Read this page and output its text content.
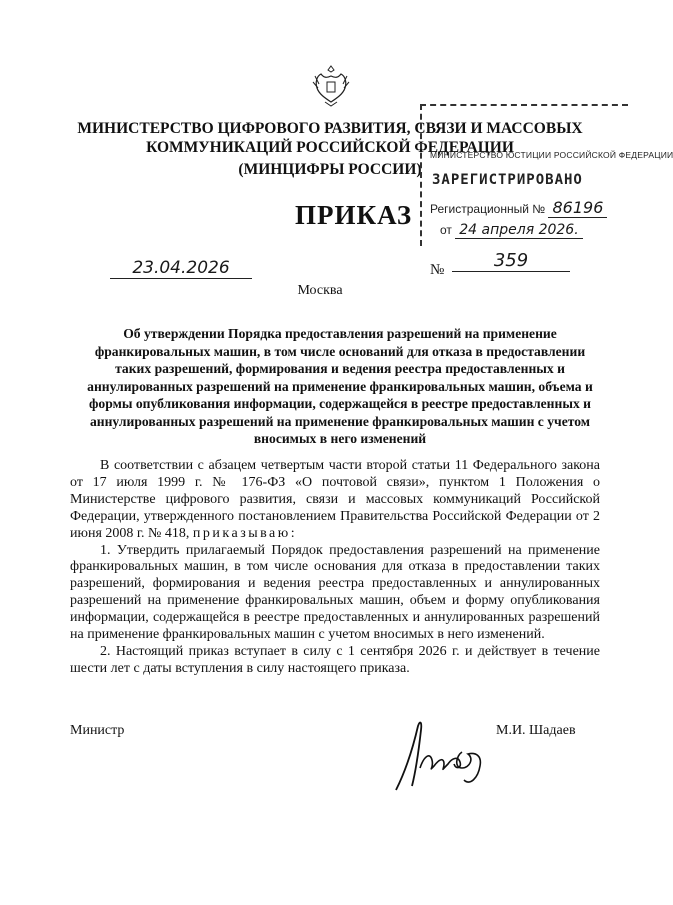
МИНИСТЕРСТВО ЦИФРОВОГО РАЗВИТИЯ, СВЯЗИ И МАССОВЫХ
КОММУНИКАЦИЙ РОССИЙСКОЙ ФЕДЕРАЦИИ
(МИНЦИФРЫ РОССИИ)
МИНИСТЕРСТВО ЮСТИЦИИ РОССИЙСКОЙ ФЕДЕРАЦИИ
ЗАРЕГИСТРИРОВАНО
Регистрационный № 86196
от 24 апреля 2026.
ПРИКАЗ
23.04.2026	№	359
Москва
Об утверждении Порядка предоставления разрешений на применение франкировальных машин, в том числе оснований для отказа в предоставлении таких разрешений, формирования и ведения реестра предоставленных и аннулированных разрешений на применение франкировальных машин, объема и формы опубликования информации, содержащейся в реестре предоставленных и аннулированных разрешений на применение франкировальных машин с учетом вносимых в него изменений

В соответствии с абзацем четвертым части второй статьи 11 Федерального закона от 17 июля 1999 г. № 176-ФЗ «О почтовой связи», пунктом 1 Положения о Министерстве цифрового развития, связи и массовых коммуникаций Российской Федерации, утвержденного постановлением Правительства Российской Федерации от 2 июня 2008 г. № 418, приказываю:

1. Утвердить прилагаемый Порядок предоставления разрешений на применение франкировальных машин, в том числе основания для отказа в предоставлении таких разрешений, формирования и ведения реестра предоставленных и аннулированных разрешений на применение франкировальных машин, объем и форму опубликования информации, содержащейся в реестре предоставленных и аннулированных разрешений на применение франкировальных машин с учетом вносимых в него изменений.

2. Настоящий приказ вступает в силу с 1 сентября 2026 г. и действует в течение шести лет с даты вступления в силу настоящего приказа.

Министр	М.И. Шадаев
